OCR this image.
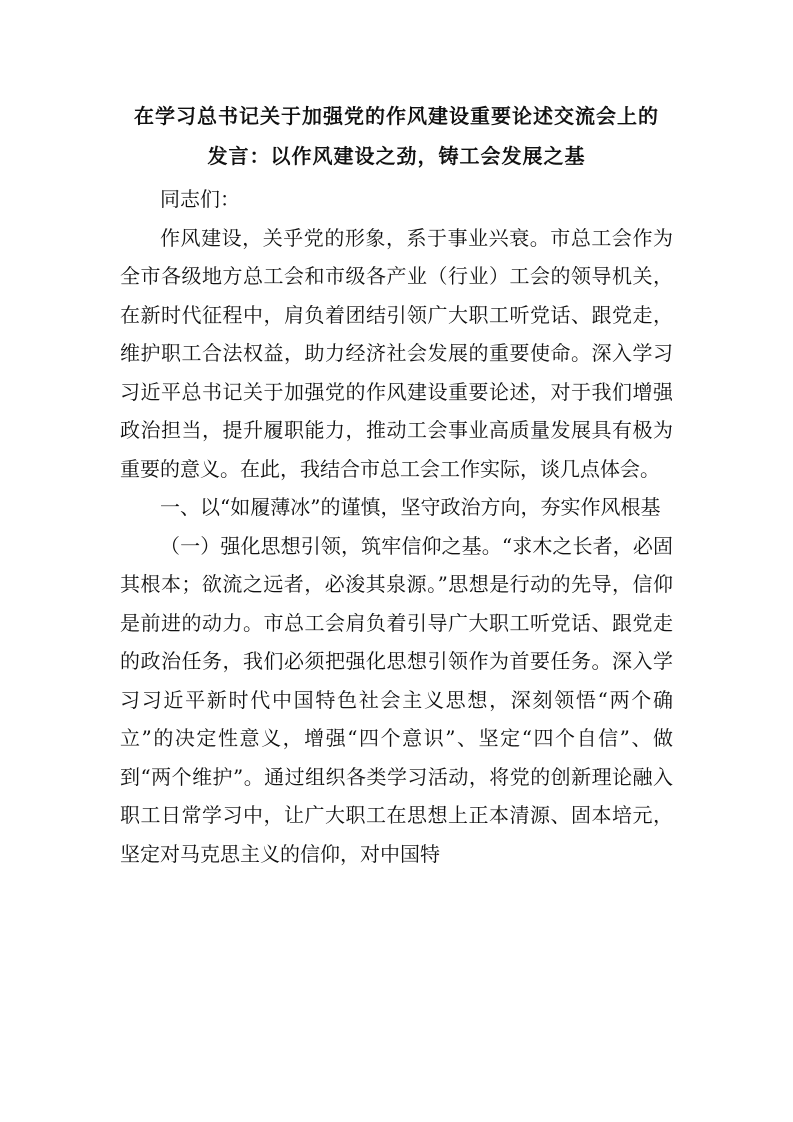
在学习总书记关于加强党的作风建设重要论述交流会上的
发言：以作风建设之劲，铸工会发展之基

同志们：

作风建设，关乎党的形象，系于事业兴衰。市总工会作为全市各级地方总工会和市级各产业（行业）工会的领导机关，在新时代征程中，肩负着团结引领广大职工听党话、跟党走，维护职工合法权益，助力经济社会发展的重要使命。深入学习习近平总书记关于加强党的作风建设重要论述，对于我们增强政治担当，提升履职能力，推动工会事业高质量发展具有极为重要的意义。在此，我结合市总工会工作实际，谈几点体会。

一、以“如履薄冰”的谨慎，坚守政治方向，夯实作风根基

（一）强化思想引领，筑牢信仰之基。“求木之长者，必固其根本；欲流之远者，必浚其泉源。”思想是行动的先导，信仰是前进的动力。市总工会肩负着引导广大职工听党话、跟党走的政治任务，我们必须把强化思想引领作为首要任务。深入学习习近平新时代中国特色社会主义思想，深刻领悟“两个确立”的决定性意义，增强“四个意识”、坚定“四个自信”、做到“两个维护”。通过组织各类学习活动，将党的创新理论融入职工日常学习中，让广大职工在思想上正本清源、固本培元，坚定对马克思主义的信仰，对中国特
